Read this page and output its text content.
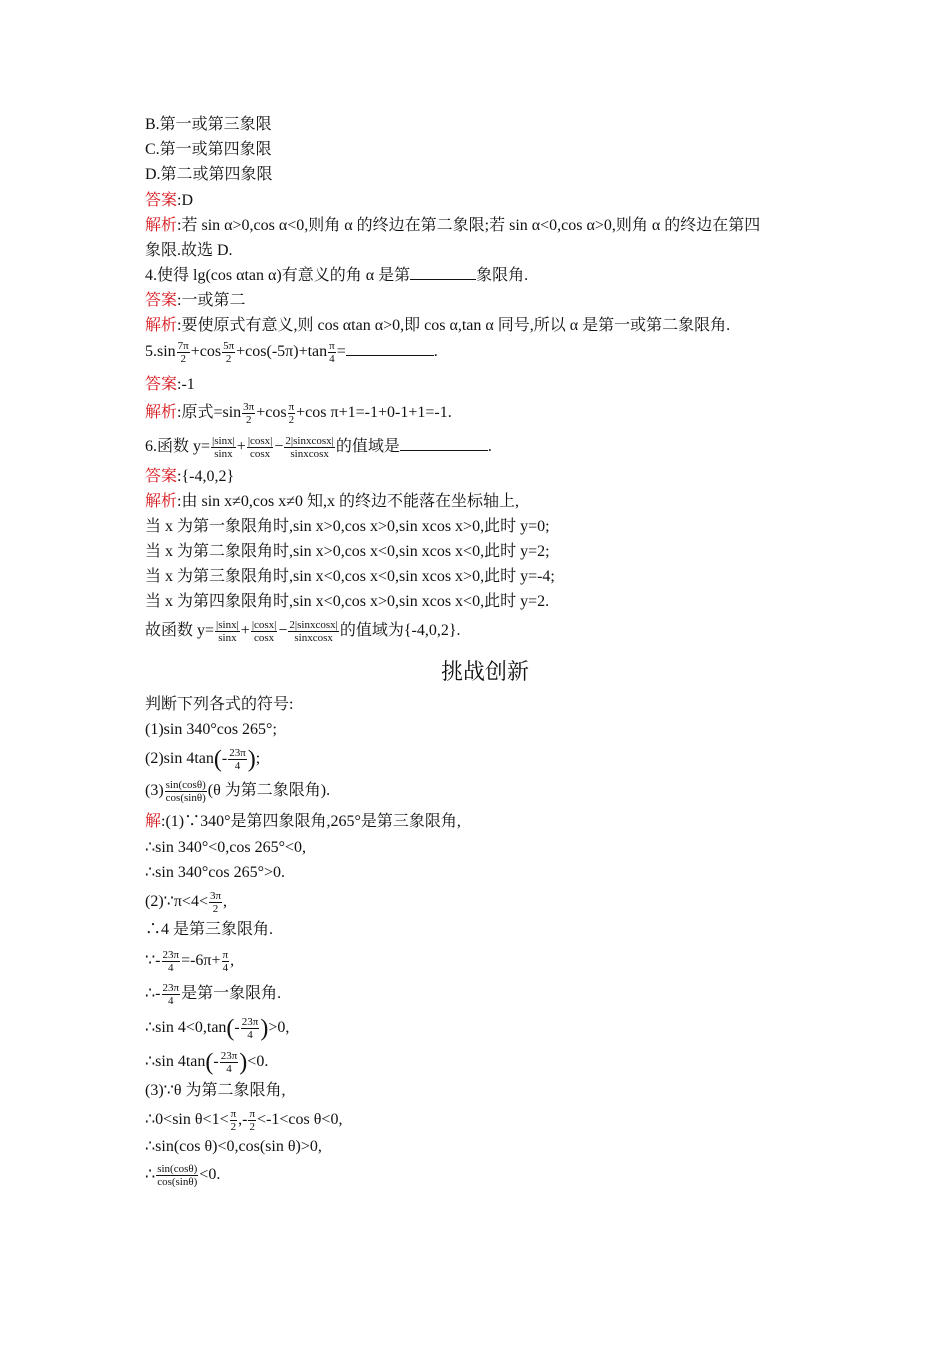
B.第一或第三象限
C.第一或第四象限
D.第二或第四象限
答案:D
解析:若 sin α>0,cos α<0,则角 α 的终边在第二象限;若 sin α<0,cos α>0,则角 α 的终边在第四
象限.故选 D.
4.使得 lg(cos αtan α)有意义的角 α 是第	象限角.
答案:一或第二
解析:要使原式有意义,则 cos αtan α>0,即 cos α,tan α 同号,所以 α 是第一或第二象限角.
$5.\sin \frac{7\pi}{2} +\cos \frac{5\pi}{2} +\cos(-5\pi)+\tan \frac{\pi}{4}$ =	.
答案:-1
解析:原式$=\sin \frac{3\pi}{2} +\cos \frac{\pi}{2} +\cos$ π+1=-1+0-1+1=-1.
6.函数 $y= \frac{|\sin x|}{\sin x} + \frac{|\cos x|}{\cos x} - \frac{\text{2|sinxcosx|}}{\text{sinxcosx}}$ 的值域是	.
答案:{-4,0,2}
解析:由 sin x≠0,cos x≠0 知,x 的终边不能落在坐标轴上,
当 x 为第一象限角时,sin x>0,cos x>0,sin xcos x>0,此时 y=0;
当 x 为第二象限角时,sin x>0,cos x<0,sin xcos x<0,此时 y=2;
当 x 为第三象限角时,sin x<0,cos x<0,sin xcos x>0,此时 y=-4;
当 x 为第四象限角时,sin x<0,cos x>0,sin xcos x<0,此时 y=2.
故函数 $y= \frac{|\sin x|}{\sin x} + \frac{|\cos x|}{\cos x} - \frac{\text{2|sinxcosx|}}{\text{sinxcosx}}$ 的值域为{-4,0,2}.
挑战创新
判断下列各式的符号:
(1)sin 340°cos 265°;
(2)sin $4\tan(- \frac{23\pi}{4}$ );
$(3) \frac{\sin(\cos\theta)}{\cos(\sin\theta)} (\theta$ 为第二象限角).
解:(1)∵340°是第四象限角,265°是第三象限角,
∴sin 340°<0,cos 265°<0,
∴sin 340°cos 265°>0.
(2)∵π<4< $\frac{3\pi}{2}$ ,
∴4 是第三象限角.
∵- $\frac{23\pi}{4} =-6\pi+ \frac{\pi}{4}$ ,
∴- $\frac{23\pi}{4}$ 是第一象限角.
∴sin $4<0,\tan(- \frac{23\pi}{4} )>0$,
∴sin $4\tan(- \frac{23\pi}{4} )<0$.
(3)∵θ 为第二象限角,
∴0<sin $\theta<1< \frac{\pi}{2}$ ,- $\frac{\pi}{2} <-1<\cos$ θ<0,
∴sin(cos θ)<0,cos(sin θ)>0,
∴ $\frac{\sin(\cos\theta)}{\cos(\sin\theta)} <0$.
